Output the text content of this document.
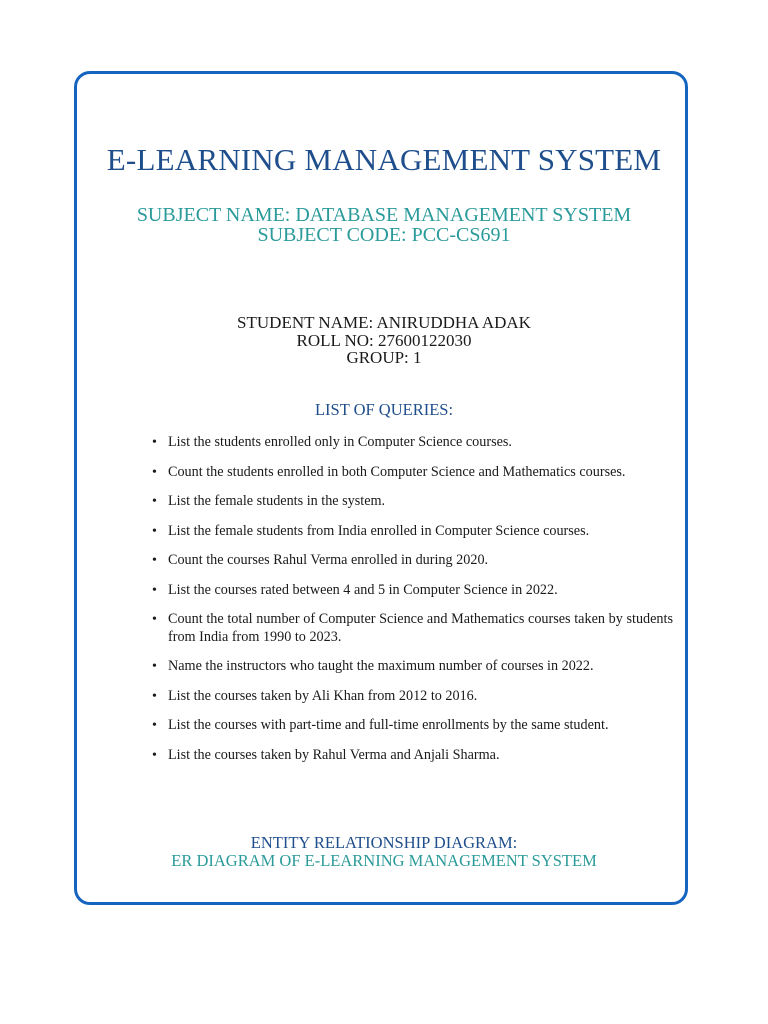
E-LEARNING MANAGEMENT SYSTEM
SUBJECT NAME: DATABASE MANAGEMENT SYSTEM
SUBJECT CODE: PCC-CS691
STUDENT NAME: ANIRUDDHA ADAK
ROLL NO: 27600122030
GROUP: 1
LIST OF QUERIES:
• List the students enrolled only in Computer Science courses.
• Count the students enrolled in both Computer Science and Mathematics courses.
• List the female students in the system.
• List the female students from India enrolled in Computer Science courses.
• Count the courses Rahul Verma enrolled in during 2020.
• List the courses rated between 4 and 5 in Computer Science in 2022.
• Count the total number of Computer Science and Mathematics courses taken by students from India from 1990 to 2023.
• Name the instructors who taught the maximum number of courses in 2022.
• List the courses taken by Ali Khan from 2012 to 2016.
• List the courses with part-time and full-time enrollments by the same student.
• List the courses taken by Rahul Verma and Anjali Sharma.
ENTITY RELATIONSHIP DIAGRAM:
ER DIAGRAM OF E-LEARNING MANAGEMENT SYSTEM
